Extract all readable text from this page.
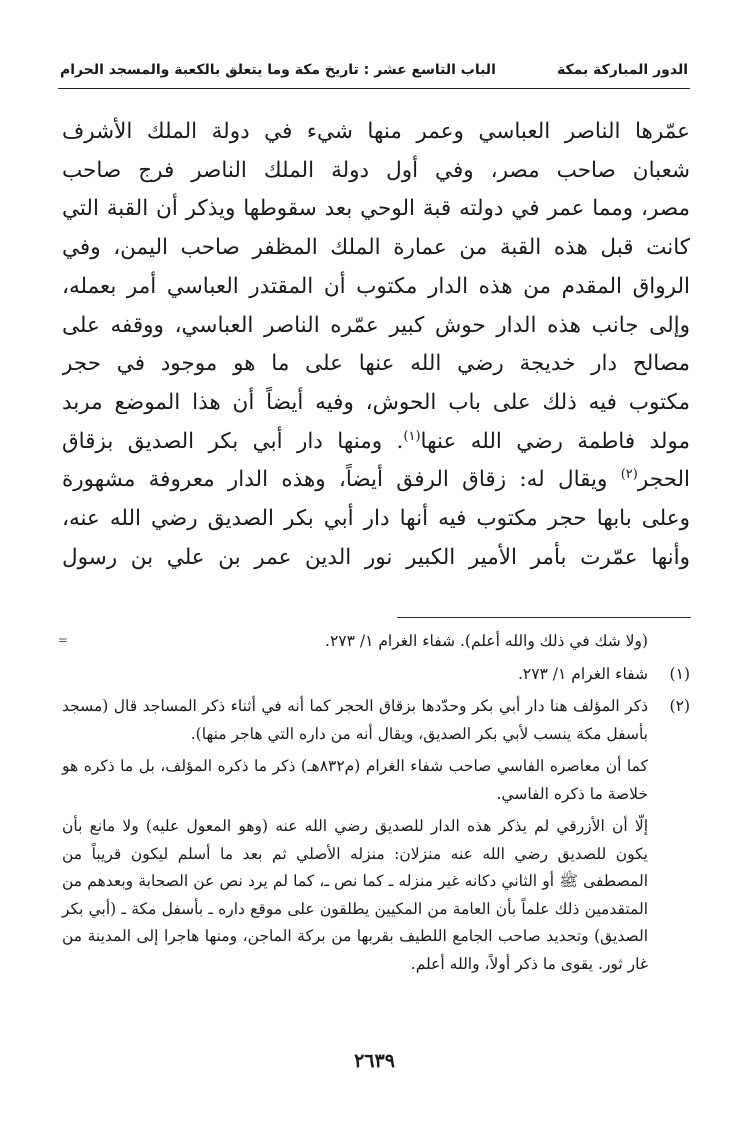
الدور المباركة بمكة
الباب التاسع عشر : تاريخ مكة وما يتعلق بالكعبة والمسجد الحرام
عمّرها الناصر العباسي وعمر منها شيء في دولة الملك الأشرف
شعبان صاحب مصر، وفي أول دولة الملك الناصر فرج صاحب
مصر، ومما عمر في دولته قبة الوحي بعد سقوطها ويذكر أن القبة التي
كانت قبل هذه القبة من عمارة الملك المظفر صاحب اليمن، وفي
الرواق المقدم من هذه الدار مكتوب أن المقتدر العباسي أمر بعمله،
وإلى جانب هذه الدار حوش كبير عمّره الناصر العباسي، ووقفه على
مصالح دار خديجة رضي الله عنها على ما هو موجود في حجر
مكتوب فيه ذلك على باب الحوش، وفيه أيضاً أن هذا الموضع مربد
مولد فاطمة رضي الله عنها$^{(١)}$. ومنها دار أبي بكر الصديق بزقاق
الحجر$^{(٢)}$ ويقال له: زقاق الرفق أيضاً، وهذه الدار معروفة مشهورة
وعلى بابها حجر مكتوب فيه أنها دار أبي بكر الصديق رضي الله عنه،
وأنها عمّرت بأمر الأمير الكبير نور الدين عمر بن علي بن رسول
=	(ولا شك في ذلك والله أعلم). شفاء الغرام ١/ ٢٧٣.
(١)
شفاء الغرام ١/ ٢٧٣.
(٢)
ذكر المؤلف هنا دار أبي بكر وحدّدها بزقاق الحجر كما أنه في أثناء ذكر المساجد قال (مسجد بأسفل مكة ينسب لأبي بكر الصديق، ويقال أنه من داره التي هاجر منها).
كما أن معاصره الفاسي صاحب شفاء الغرام (م٨٣٢هـ) ذكر ما ذكره المؤلف، بل ما ذكره هو خلاصة ما ذكره الفاسي.
إلّا أن الأزرقي لم يذكر هذه الدار للصديق رضي الله عنه (وهو المعول عليه) ولا مانع بأن يكون للصديق رضي الله عنه منزلان: منزله الأصلي ثم بعد ما أسلم ليكون قريباً من المصطفى ﷺ أو الثاني دكانه غير منزله ـ كما نص ـ، كما لم يرد نص عن الصحابة وبعدهم من المتقدمين ذلك علماً بأن العامة من المكيين يطلقون على موقع داره ـ بأسفل مكة ـ (أبي بكر الصديق) وتحديد صاحب الجامع اللطيف بقربها من بركة الماجن، ومنها هاجرا إلى المدينة من غار ثور. يقوى ما ذكر أولاً، والله أعلم.
٢٦٣٩
